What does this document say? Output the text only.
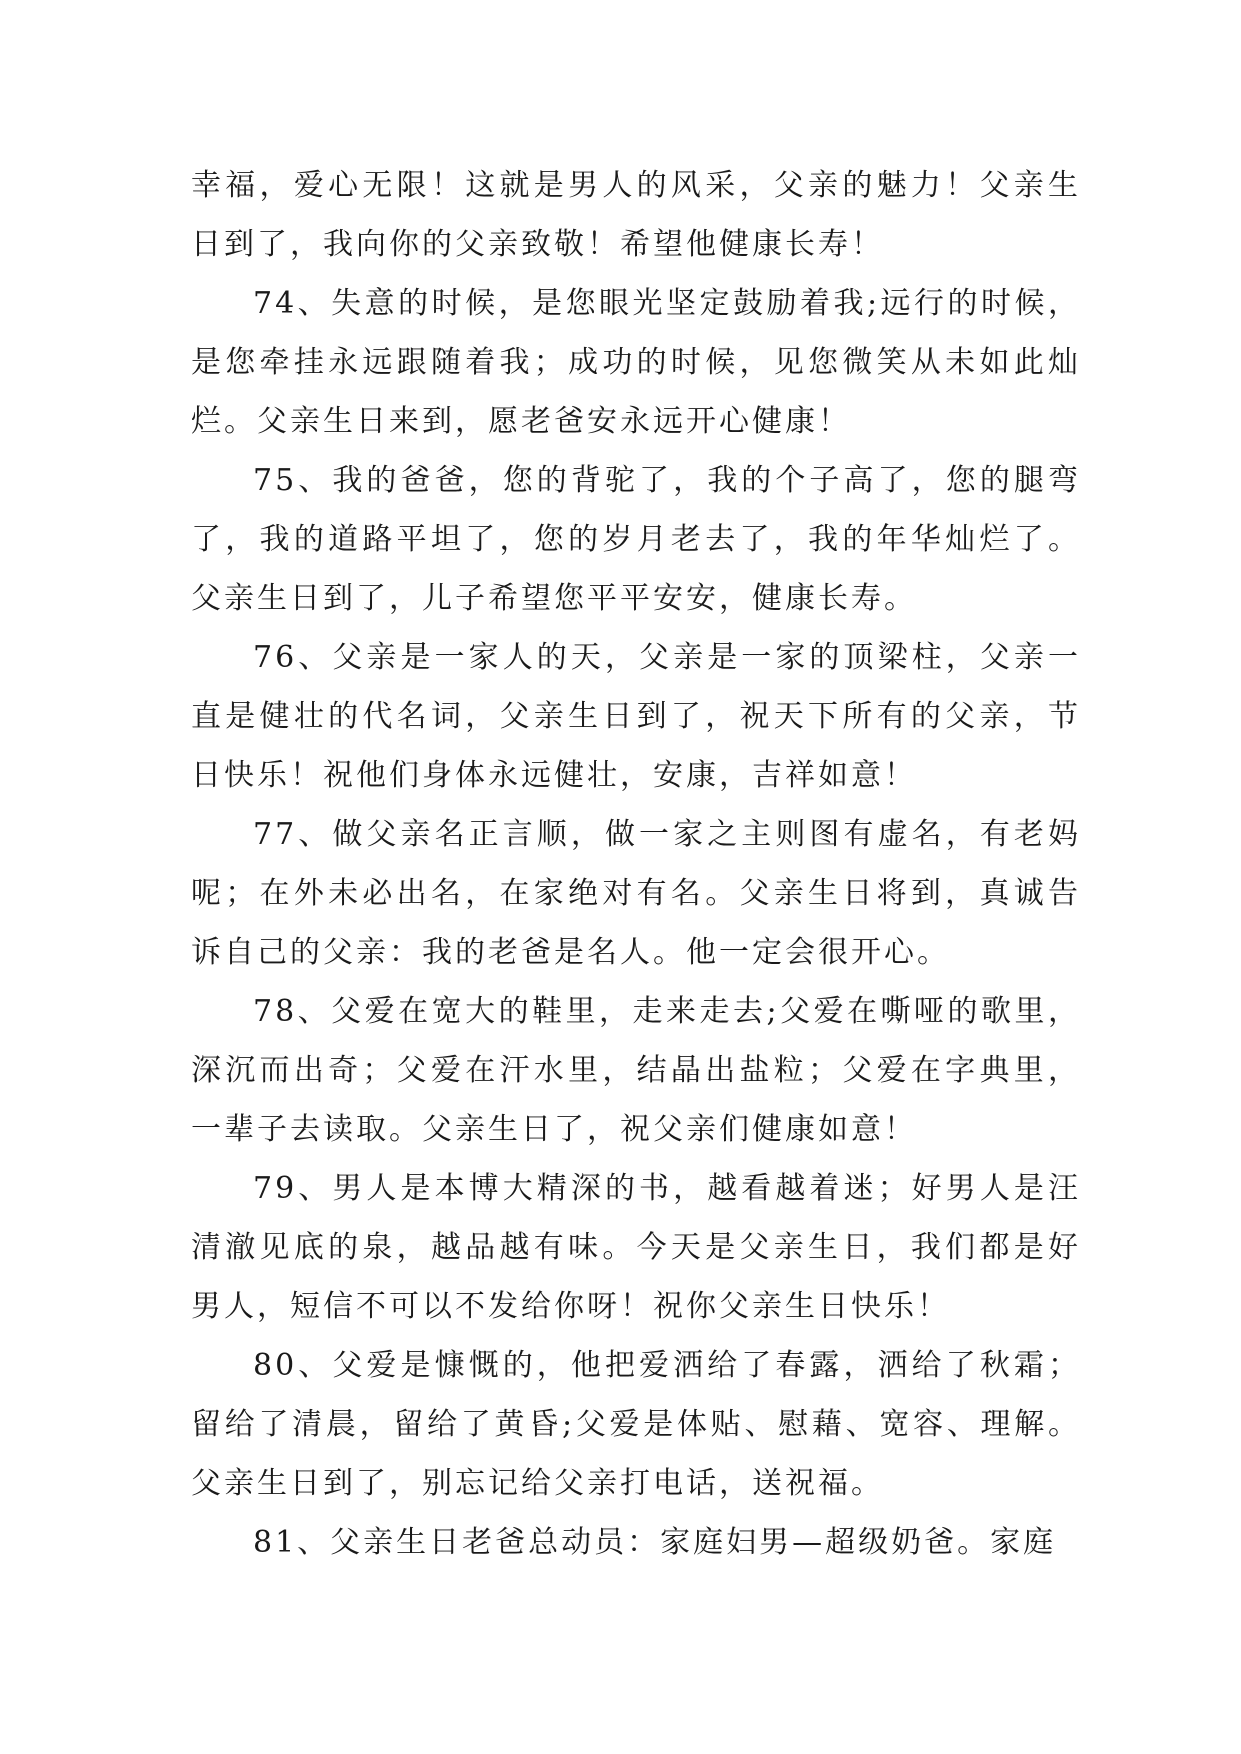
幸福，爱心无限！这就是男人的风采，父亲的魅力！父亲生日到了，我向你的父亲致敬！希望他健康长寿！

74、失意的时候，是您眼光坚定鼓励着我;远行的时候，是您牵挂永远跟随着我；成功的时候，见您微笑从未如此灿烂。父亲生日来到，愿老爸安永远开心健康！

75、我的爸爸，您的背驼了，我的个子高了，您的腿弯了，我的道路平坦了，您的岁月老去了，我的年华灿烂了。父亲生日到了，儿子希望您平平安安，健康长寿。

76、父亲是一家人的天，父亲是一家的顶梁柱，父亲一直是健壮的代名词，父亲生日到了，祝天下所有的父亲，节日快乐！祝他们身体永远健壮，安康，吉祥如意！

77、做父亲名正言顺，做一家之主则图有虚名，有老妈呢；在外未必出名，在家绝对有名。父亲生日将到，真诚告诉自己的父亲：我的老爸是名人。他一定会很开心。

78、父爱在宽大的鞋里，走来走去;父爱在嘶哑的歌里，深沉而出奇；父爱在汗水里，结晶出盐粒；父爱在字典里，一辈子去读取。父亲生日了，祝父亲们健康如意！

79、男人是本博大精深的书，越看越着迷；好男人是汪清澈见底的泉，越品越有味。今天是父亲生日，我们都是好男人，短信不可以不发给你呀！祝你父亲生日快乐！

80、父爱是慷慨的，他把爱洒给了春露，洒给了秋霜；留给了清晨，留给了黄昏;父爱是体贴、慰藉、宽容、理解。父亲生日到了，别忘记给父亲打电话，送祝福。

81、父亲生日老爸总动员：家庭妇男—超级奶爸。家庭
